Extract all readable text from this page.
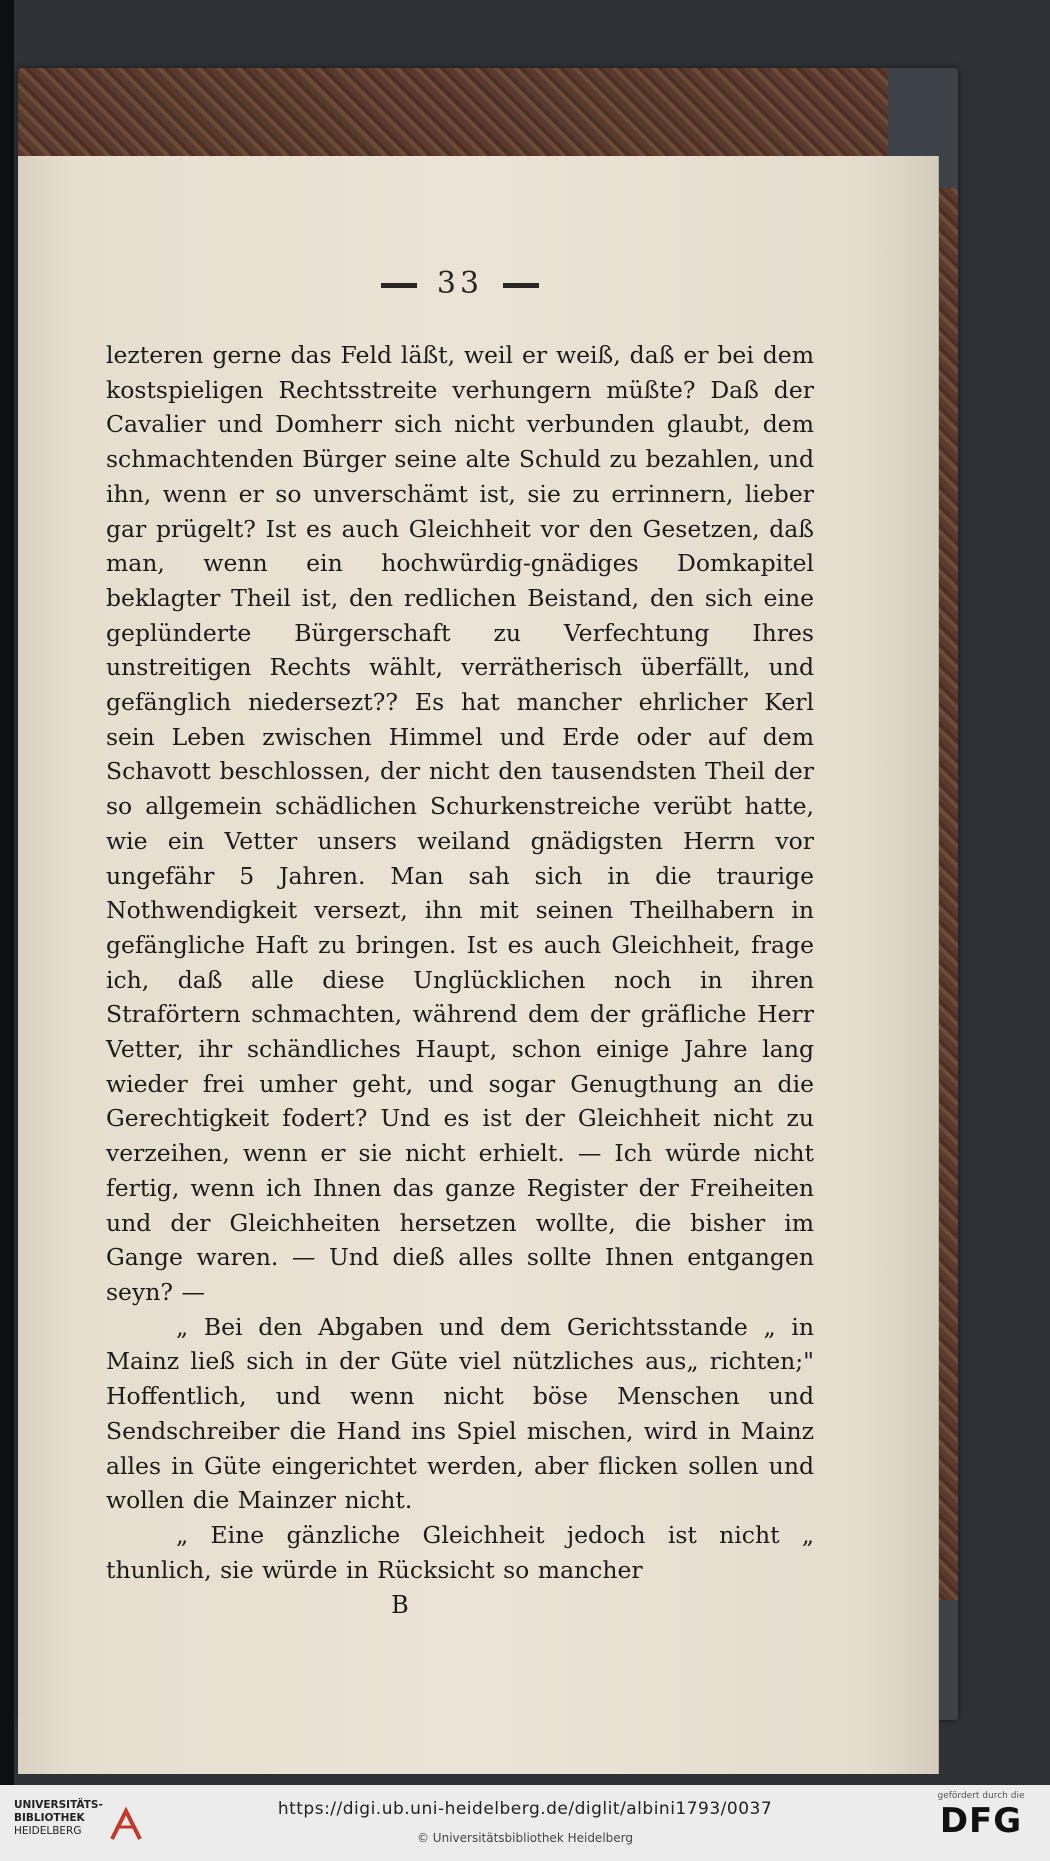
33

lezteren gerne das Feld läßt, weil er weiß, daß er bei dem kostspieligen Rechtsstreite verhungern müßte? Daß der Cavalier und Domherr sich nicht verbunden glaubt, dem schmachtenden Bürger seine alte Schuld zu bezahlen, und ihn, wenn er so unverschämt ist, sie zu errinnern, lieber gar prügelt? Ist es auch Gleichheit vor den Gesetzen, daß man, wenn ein hochwürdig-gnädiges Domkapitel beklagter Theil ist, den redlichen Beistand, den sich eine geplünderte Bürgerschaft zu Verfechtung Ihres unstreitigen Rechts wählt, verrätherisch überfällt, und gefänglich niedersezt?? Es hat mancher ehrlicher Kerl sein Leben zwischen Himmel und Erde oder auf dem Schavott beschlossen, der nicht den tausendsten Theil der so allgemein schädlichen Schurkenstreiche verübt hatte, wie ein Vetter unsers weiland gnädigsten Herrn vor ungefähr 5 Jahren. Man sah sich in die traurige Nothwendigkeit versezt, ihn mit seinen Theilhabern in gefängliche Haft zu bringen. Ist es auch Gleichheit, frage ich, daß alle diese Unglücklichen noch in ihren Straförtern schmachten, während dem der gräfliche Herr Vetter, ihr schändliches Haupt, schon einige Jahre lang wieder frei umher geht, und sogar Genugthung an die Gerechtigkeit fodert? Und es ist der Gleichheit nicht zu verzeihen, wenn er sie nicht erhielt. — Ich würde nicht fertig, wenn ich Ihnen das ganze Register der Freiheiten und der Gleichheiten hersetzen wollte, die bisher im Gange waren. — Und dieß alles sollte Ihnen entgangen seyn? —

„ Bei den Abgaben und dem Gerichtsstande „ in Mainz ließ sich in der Güte viel nützliches aus„ richten;" Hoffentlich, und wenn nicht böse Menschen und Sendschreiber die Hand ins Spiel mischen, wird in Mainz alles in Güte eingerichtet werden, aber flicken sollen und wollen die Mainzer nicht.

„ Eine gänzliche Gleichheit jedoch ist nicht „ thunlich, sie würde in Rücksicht so mancher

B
UNIVERSITÄTS-
BIBLIOTHEK
HEIDELBERG
https://digi.ub.uni-heidelberg.de/diglit/albini1793/0037
© Universitätsbibliothek Heidelberg
gefördert durch die
DFG
